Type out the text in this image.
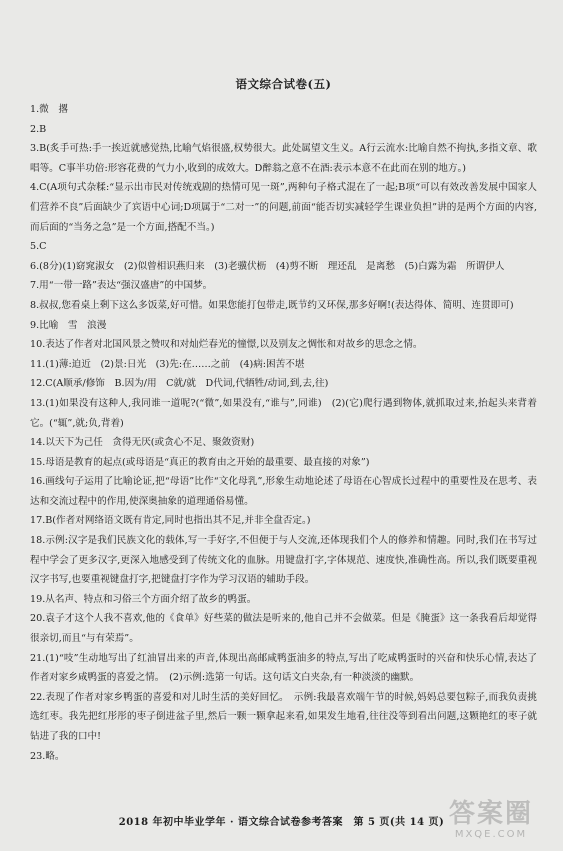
语文综合试卷(五)

1.微　撂

2.B

3.B(炙手可热:手一挨近就感觉热,比喻气焰很盛,权势很大。此处属望文生义。A行云流水:比喻自然不拘执,多指文章、歌唱等。C事半功倍:形容花费的气力小,收到的成效大。D醉翁之意不在酒:表示本意不在此而在别的地方。)

4.C(A项句式杂糅:“显示出市民对传统戏剧的热情可见一斑”,两种句子格式混在了一起;B项“可以有效改善发展中国家人们营养不良”后面缺少了宾语中心词;D项属于“二对一”的问题,前面“能否切实减轻学生课业负担”讲的是两个方面的内容,而后面的“当务之急”是一个方面,搭配不当。)

5.C

6.(8分)(1)窈窕淑女　(2)似曾相识燕归来　(3)老骥伏枥　(4)剪不断　理还乱　是离愁　(5)白露为霜　所谓伊人

7.用“一带一路”表达“强汉盛唐”的中国梦。

8.叔叔,您看桌上剩下这么多饭菜,好可惜。如果您能打包带走,既节约又环保,那多好啊!(表达得体、简明、连贯即可)

9.比喻　雪　浪漫

10.表达了作者对北国风景之赞叹和对灿烂春光的憧憬,以及别友之惆怅和对故乡的思念之情。

11.(1)薄:迫近　(2)景:日光　(3)先:在……之前　(4)病:困苦不堪

12.C(A顺承/修饰　B.因为/用　C就/就　D代词,代牺牲/动词,到,去,往)

13.(1)如果没有这种人,我同谁一道呢?(“微”,如果没有,“谁与”,同谁)　(2)(它)爬行遇到物体,就抓取过来,抬起头来背着它。(“辄”,就;负,背着)

14.以天下为己任　贪得无厌(或贪心不足、聚敛资财)

15.母语是教育的起点(或母语是“真正的教育由之开始的最重要、最直接的对象”)

16.画线句子运用了比喻论证,把“母语”比作“文化母乳”,形象生动地论述了母语在心智成长过程中的重要性及在思考、表达和交流过程中的作用,使深奥抽象的道理通俗易懂。

17.B(作者对网络语文既有肯定,同时也指出其不足,并非全盘否定。)

18.示例:汉字是我们民族文化的载体,写一手好字,不但便于与人交流,还体现我们个人的修养和情趣。同时,我们在书写过程中学会了更多汉字,更深入地感受到了传统文化的血脉。用键盘打字,字体规范、速度快,准确性高。所以,我们既要重视汉字书写,也要重视键盘打字,把键盘打字作为学习汉语的辅助手段。

19.从名声、特点和习俗三个方面介绍了故乡的鸭蛋。

20.袁子才这个人我不喜欢,他的《食单》好些菜的做法是听来的,他自己并不会做菜。但是《腌蛋》这一条我看后却觉得很亲切,而且“与有荣焉”。

21.(1)“吱”生动地写出了红油冒出来的声音,体现出高邮咸鸭蛋油多的特点,写出了吃咸鸭蛋时的兴奋和快乐心情,表达了作者对家乡咸鸭蛋的喜爱之情。　(2)示例:选第一句话。这句话文白夹杂,有一种淡淡的幽默。

22.表现了作者对家乡鸭蛋的喜爱和对儿时生活的美好回忆。　示例:我最喜欢端午节的时候,妈妈总要包粽子,而我负责挑选红枣。我先把红彤彤的枣子倒进盆子里,然后一颗一颗拿起来看,如果发生地看,往往没等到看出问题,这颗艳红的枣子就钻进了我的口中!

23.略。

2018 年初中毕业学年 · 语文综合试卷参考答案　第 5 页(共 14 页) 答案圈
MXQE.COM
